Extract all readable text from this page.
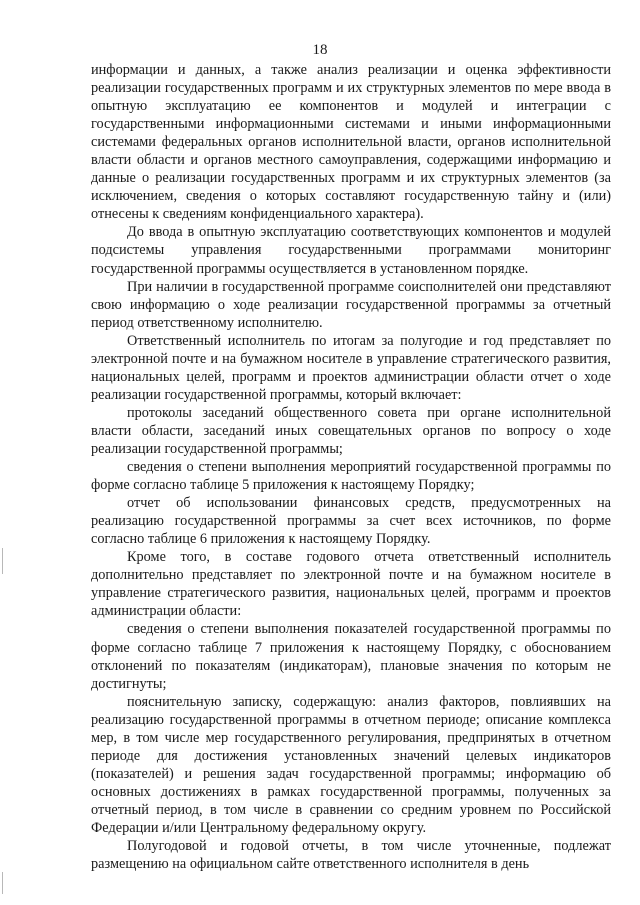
18

информации и данных, а также анализ реализации и оценка эффективности реализации государственных программ и их структурных элементов по мере ввода в опытную эксплуатацию ее компонентов и модулей и интеграции с государственными информационными системами и иными информационными системами федеральных органов исполнительной власти, органов исполнительной власти области и органов местного самоуправления, содержащими информацию и данные о реализации государственных программ и их структурных элементов (за исключением, сведения о которых составляют государственную тайну и (или) отнесены к сведениям конфиденциального характера).

До ввода в опытную эксплуатацию соответствующих компонентов и модулей подсистемы управления государственными программами мониторинг государственной программы осуществляется в установленном порядке.

При наличии в государственной программе соисполнителей они представляют свою информацию о ходе реализации государственной программы за отчетный период ответственному исполнителю.

Ответственный исполнитель по итогам за полугодие и год представляет по электронной почте и на бумажном носителе в управление стратегического развития, национальных целей, программ и проектов администрации области отчет о ходе реализации государственной программы, который включает:

протоколы заседаний общественного совета при органе исполнительной власти области, заседаний иных совещательных органов по вопросу о ходе реализации государственной программы;

сведения о степени выполнения мероприятий государственной программы по форме согласно таблице 5 приложения к настоящему Порядку;

отчет об использовании финансовых средств, предусмотренных на реализацию государственной программы за счет всех источников, по форме согласно таблице 6 приложения к настоящему Порядку.

Кроме того, в составе годового отчета ответственный исполнитель дополнительно представляет по электронной почте и на бумажном носителе в управление стратегического развития, национальных целей, программ и проектов администрации области:

сведения о степени выполнения показателей государственной программы по форме согласно таблице 7 приложения к настоящему Порядку, с обоснованием отклонений по показателям (индикаторам), плановые значения по которым не достигнуты;

пояснительную записку, содержащую: анализ факторов, повлиявших на реализацию государственной программы в отчетном периоде; описание комплекса мер, в том числе мер государственного регулирования, предпринятых в отчетном периоде для достижения установленных значений целевых индикаторов (показателей) и решения задач государственной программы; информацию об основных достижениях в рамках государственной программы, полученных за отчетный период, в том числе в сравнении со средним уровнем по Российской Федерации и/или Центральному федеральному округу.

Полугодовой и годовой отчеты, в том числе уточненные, подлежат размещению на официальном сайте ответственного исполнителя в день
